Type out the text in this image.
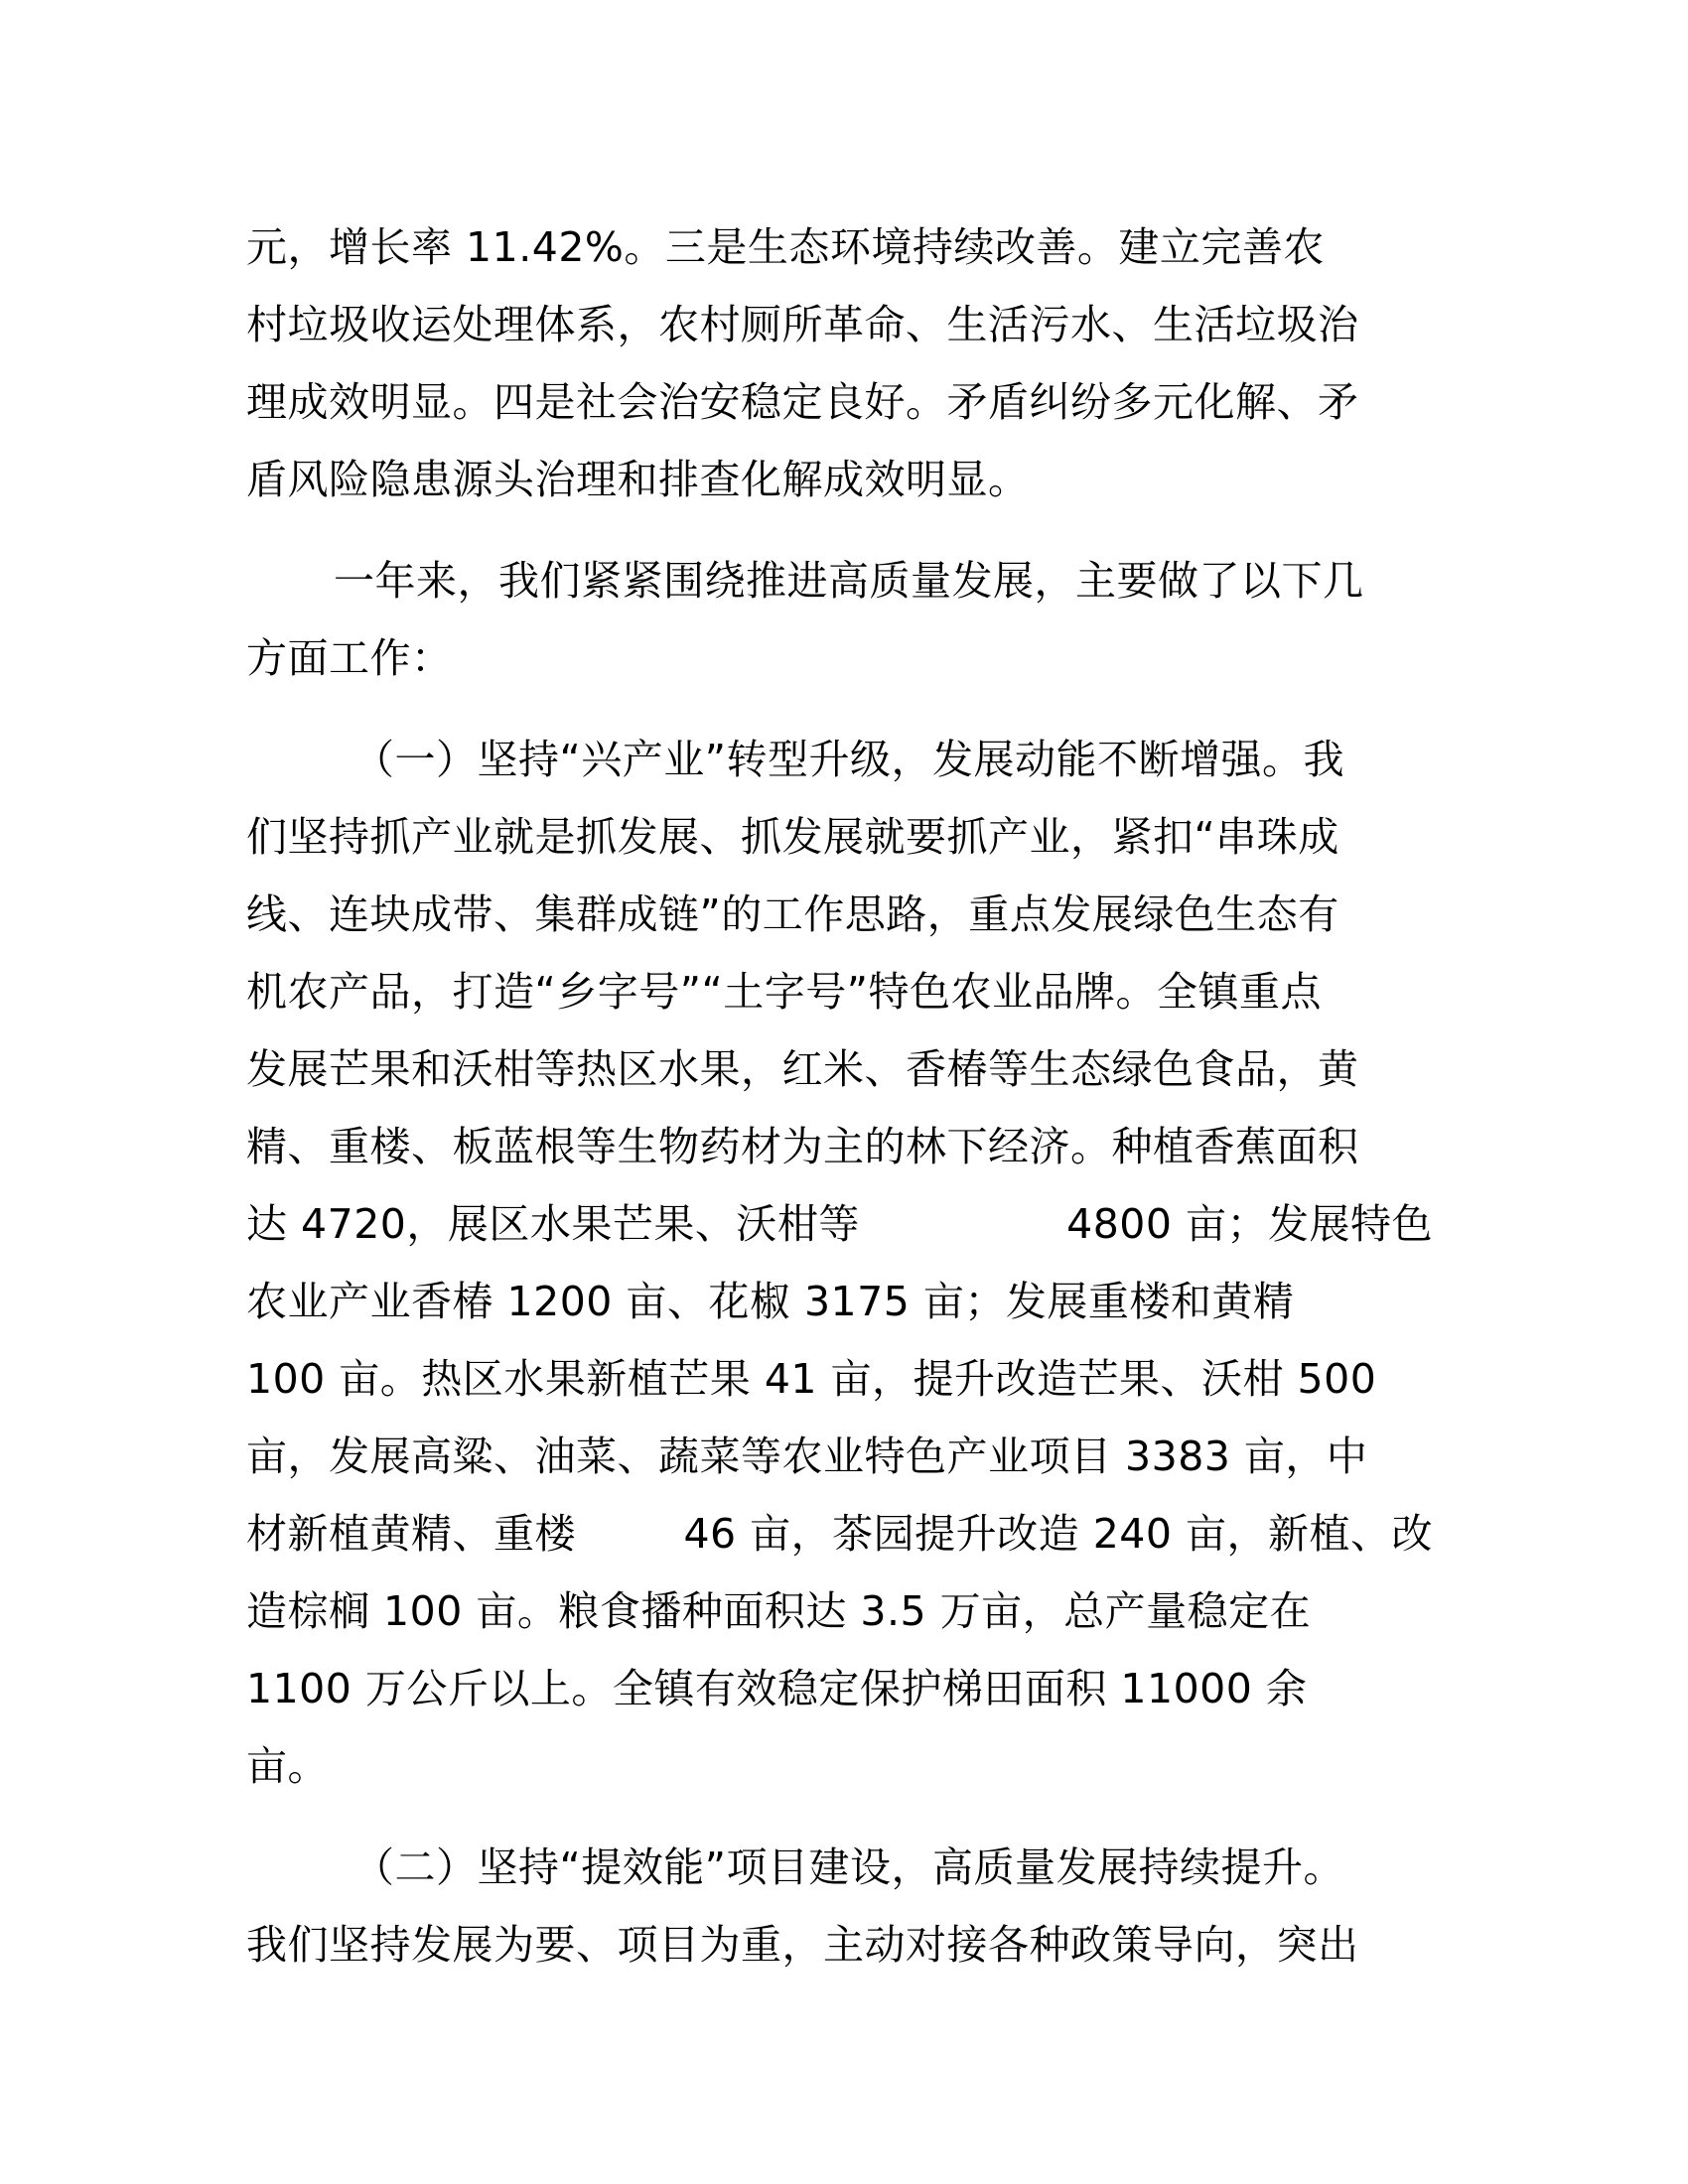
元，增长率 11.42%。三是生态环境持续改善。建立完善农
村垃圾收运处理体系，农村厕所革命、生活污水、生活垃圾治
理成效明显。四是社会治安稳定良好。矛盾纠纷多元化解、矛
盾风险隐患源头治理和排查化解成效明显。
一年来，我们紧紧围绕推进高质量发展，主要做了以下几
方面工作：
（一）坚持“兴产业”转型升级，发展动能不断增强。我
们坚持抓产业就是抓发展、抓发展就要抓产业，紧扣“串珠成
线、连块成带、集群成链”的工作思路，重点发展绿色生态有
机农产品，打造“乡字号”“土字号”特色农业品牌。全镇重点
发展芒果和沃柑等热区水果，红米、香椿等生态绿色食品，黄
精、重楼、板蓝根等生物药材为主的林下经济。种植香蕉面积
达 4720，展区水果芒果、沃柑等	4800 亩；发展特色
农业产业香椿 1200 亩、花椒 3175 亩；发展重楼和黄精
100 亩。热区水果新植芒果 41 亩，提升改造芒果、沃柑 500
亩，发展高粱、油菜、蔬菜等农业特色产业项目 3383 亩，中
材新植黄精、重楼	46 亩，茶园提升改造 240 亩，新植、改
造棕榈 100 亩。粮食播种面积达 3.5 万亩，总产量稳定在
1100 万公斤以上。全镇有效稳定保护梯田面积 11000 余
亩。
（二）坚持“提效能”项目建设，高质量发展持续提升。
我们坚持发展为要、项目为重，主动对接各种政策导向，突出
